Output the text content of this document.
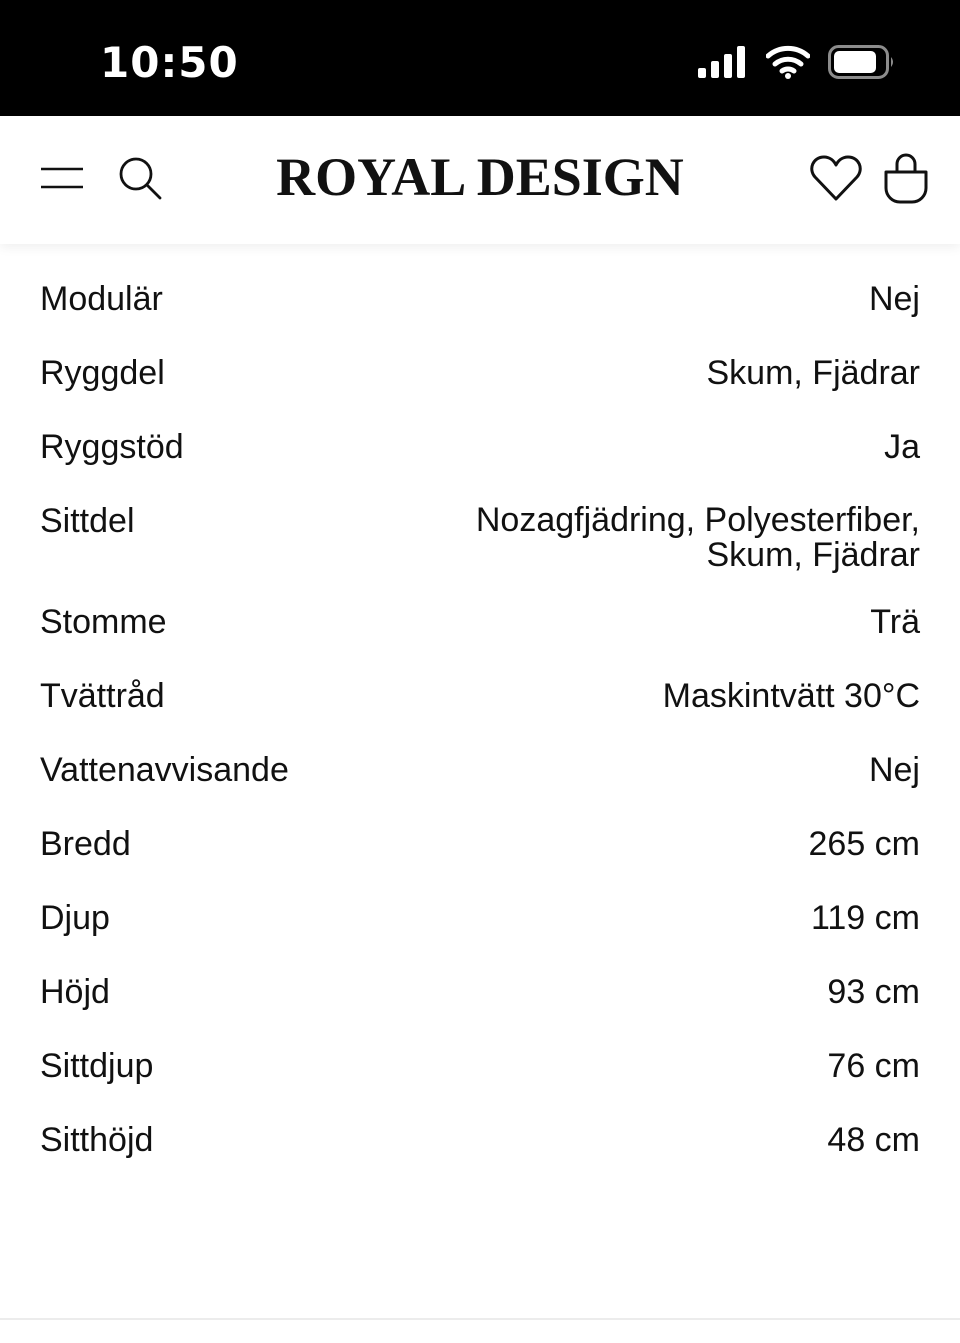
10:50
ROYAL DESIGN
Modulär	Nej
Ryggdel	Skum, Fjädrar
Ryggstöd	Ja
Sittdel	Nozagfjädring, Polyesterfiber, Skum, Fjädrar
Stomme	Trä
Tvättråd	Maskintvätt 30°C
Vattenavvisande	Nej
Bredd	265 cm
Djup	119 cm
Höjd	93 cm
Sittdjup	76 cm
Sitthöjd	48 cm
